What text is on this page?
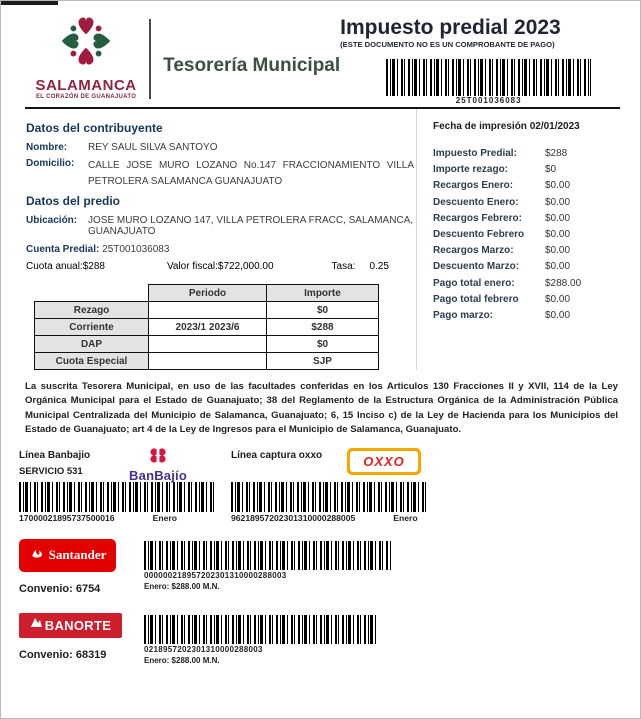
SALAMANCA
EL CORAZÓN DE GUANAJUATO
Tesorería Municipal
Impuesto predial 2023
(ESTE DOCUMENTO NO ES UN COMPROBANTE DE PAGO)
25T001036083
Datos del contribuyente
Nombre:	REY SAUL SILVA SANTOYO
Domicilio:	CALLE JOSE MURO LOZANO No.147 FRACCIONAMIENTO VILLA PETROLERA SALAMANCA GUANAJUATO
Datos del predio
Ubicación:	JOSE MURO LOZANO 147, VILLA PETROLERA FRACC, SALAMANCA, GUANAJUATO
Cuenta Predial: 25T001036083
Cuota anual:$288	Valor fiscal:$722,000.00	Tasa: 0.25
	Periodo	Importe
Rezago		$0
Corriente	2023/1 2023/6	$288
DAP		$0
Cuota Especial		SJP
Fecha de impresión 02/01/2023
Impuesto Predial:	$288
Importe rezago:	$0
Recargos Enero:	$0.00
Descuento Enero:	$0.00
Recargos Febrero:	$0.00
Descuento Febrero	$0.00
Recargos Marzo:	$0.00
Descuento Marzo:	$0.00
Pago total enero:	$288.00
Pago total febrero	$0.00
Pago marzo:	$0.00
La suscrita Tesorera Municipal, en uso de las facultades conferidas en los Articulos 130 Fracciones II y XVII, 114 de la Ley Orgánica Municipal para el Estado de Guanajuato; 38 del Reglamento de la Estructura Orgánica de la Administración Pública Municipal Centralizada del Municipio de Salamanca, Guanajuato; 6, 15 Inciso c) de la Ley de Hacienda para los Municipios del Estado de Guanajuato; art 4 de la Ley de Ingresos para el Municipio de Salamanca, Guanajuato.
Línea Banbajio
SERVICIO 531	BanBajío
17000021895737500016	Enero
Línea captura oxxo	OXXO
96218957202301310000288005	Enero
Santander
Convenio: 6754
000000218957202301310000288003
Enero: $288.00 M.N.
BANORTE
Convenio: 68319	0218957202301310000288003
Enero: $288.00 M.N.
